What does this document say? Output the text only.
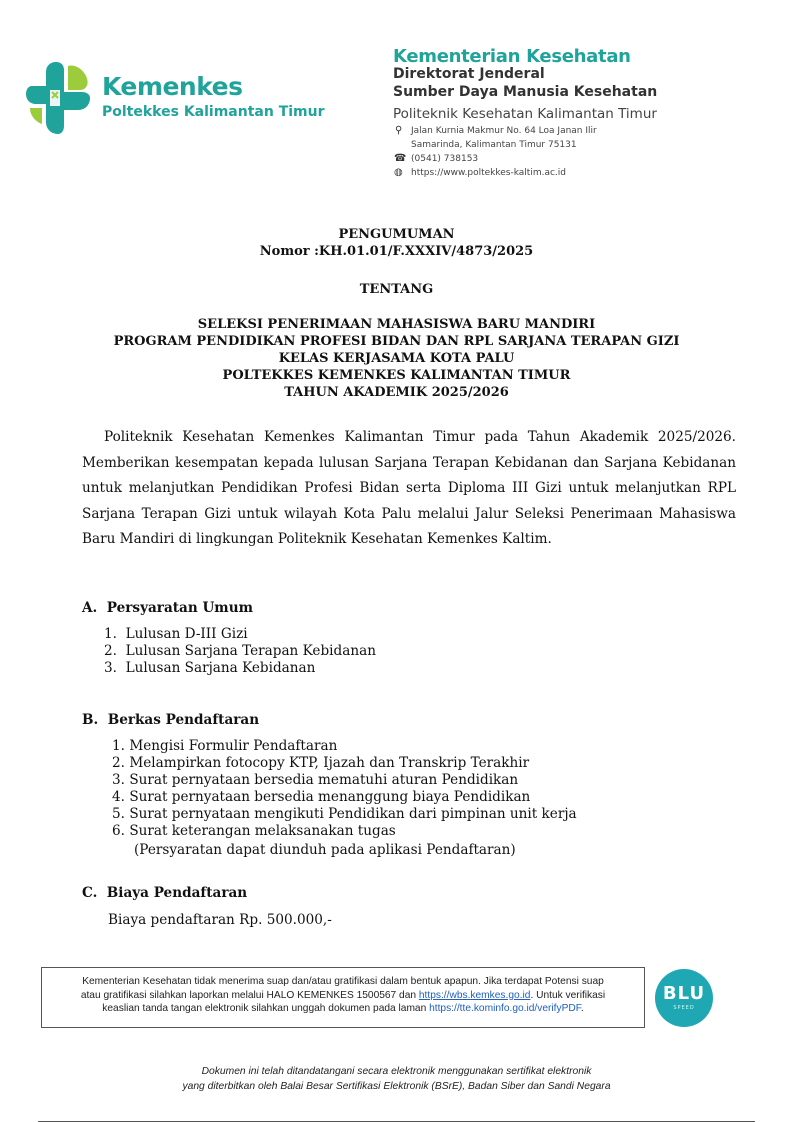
Kemenkes
Poltekkes Kalimantan Timur
Kementerian Kesehatan
Direktorat Jenderal
Sumber Daya Manusia Kesehatan
Politeknik Kesehatan Kalimantan Timur
⚲ Jalan Kurnia Makmur No. 64 Loa Janan Ilir
Samarinda, Kalimantan Timur 75131
☎ (0541) 738153
◍ https://www.poltekkes-kaltim.ac.id
PENGUMUMAN
Nomor :KH.01.01/F.XXXIV/4873/2025
TENTANG
SELEKSI PENERIMAAN MAHASISWA BARU MANDIRI
PROGRAM PENDIDIKAN PROFESI BIDAN DAN RPL SARJANA TERAPAN GIZI
KELAS KERJASAMA KOTA PALU
POLTEKKES KEMENKES KALIMANTAN TIMUR
TAHUN AKADEMIK 2025/2026
Politeknik Kesehatan Kemenkes Kalimantan Timur pada Tahun Akademik 2025/2026. Memberikan kesempatan kepada lulusan Sarjana Terapan Kebidanan dan Sarjana Kebidanan untuk melanjutkan Pendidikan Profesi Bidan serta Diploma III Gizi untuk melanjutkan RPL Sarjana Terapan Gizi untuk wilayah Kota Palu melalui Jalur Seleksi Penerimaan Mahasiswa Baru Mandiri di lingkungan Politeknik Kesehatan Kemenkes Kaltim.
A. Persyaratan Umum
1. Lulusan D-III Gizi
2. Lulusan Sarjana Terapan Kebidanan
3. Lulusan Sarjana Kebidanan
B. Berkas Pendaftaran
1. Mengisi Formulir Pendaftaran
2. Melampirkan fotocopy KTP, Ijazah dan Transkrip Terakhir
3. Surat pernyataan bersedia mematuhi aturan Pendidikan
4. Surat pernyataan bersedia menanggung biaya Pendidikan
5. Surat pernyataan mengikuti Pendidikan dari pimpinan unit kerja
6. Surat keterangan melaksanakan tugas
(Persyaratan dapat diunduh pada aplikasi Pendaftaran)
C. Biaya Pendaftaran
Biaya pendaftaran Rp. 500.000,-
Kementerian Kesehatan tidak menerima suap dan/atau gratifikasi dalam bentuk apapun. Jika terdapat Potensi suap
atau gratifikasi silahkan laporkan melalui HALO KEMENKES 1500567 dan https://wbs.kemkes.go.id. Untuk verifikasi
keaslian tanda tangan elektronik silahkan unggah dokumen pada laman https://tte.kominfo.go.id/verifyPDF.
BLU
SPEED
Dokumen ini telah ditandatangani secara elektronik menggunakan sertifikat elektronik
yang diterbitkan oleh Balai Besar Sertifikasi Elektronik (BSrE), Badan Siber dan Sandi Negara
